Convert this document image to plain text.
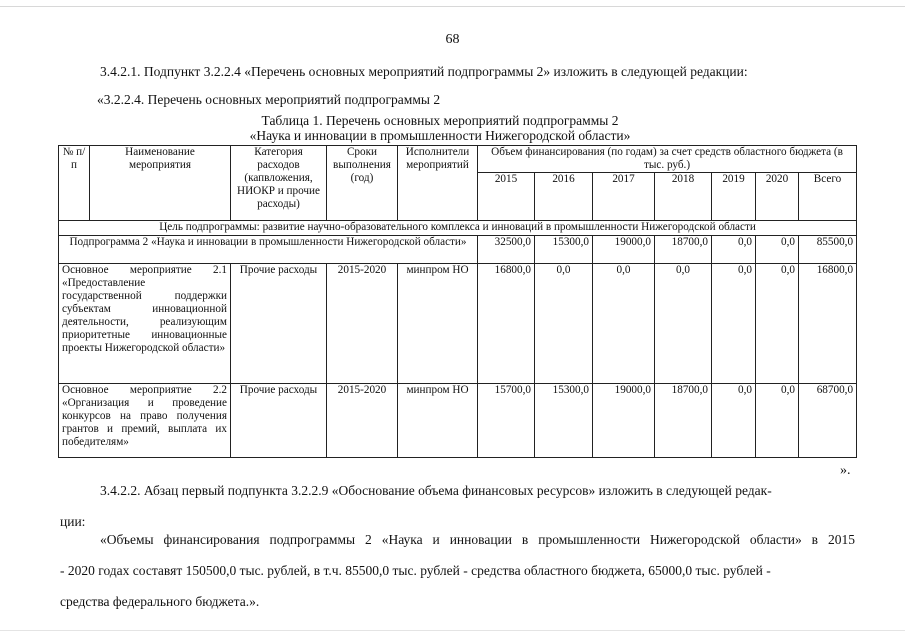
68
3.4.2.1. Подпункт 3.2.2.4 «Перечень основных мероприятий подпрограммы 2» изложить в следующей редакции:
«3.2.2.4. Перечень основных мероприятий подпрограммы 2
Таблица 1. Перечень основных мероприятий подпрограммы 2
«Наука и инновации в промышленности Нижегородской области»
№ п/п	Наименование мероприятия	Категория расходов (капвложения, НИОКР и прочие расходы)	Сроки выполнения (год)	Исполнители мероприятий	Объем финансирования (по годам) за счет средств областного бюджета (в тыс. руб.)						
					2015	2016	2017	2018	2019	2020	Всего
Цель подпрограммы: развитие научно-образовательного комплекса и инноваций в промышленности Нижегородской области											
Подпрограмма 2 «Наука и инновации в промышленности Нижегородской области»					32500,0	15300,0	19000,0	18700,0	0,0	0,0	85500,0
Основное мероприятие 2.1 «Предоставление государственной поддержки субъектам инновационной деятельности, реализующим приоритетные инновационные проекты Нижегородской области»		Прочие расходы	2015-2020	минпром НО	16800,0	0,0	0,0	0,0	0,0	0,0	16800,0
Основное мероприятие 2.2 «Организация и проведение конкурсов на право получения грантов и премий, выплата их победителям»		Прочие расходы	2015-2020	минпром НО	15700,0	15300,0	19000,0	18700,0	0,0	0,0	68700,0
».
3.4.2.2. Абзац первый подпункта 3.2.2.9 «Обоснование объема финансовых ресурсов» изложить в следующей редак-
ции:
«Объемы финансирования подпрограммы 2 «Наука и инновации в промышленности Нижегородской области» в 2015
- 2020 годах составят 150500,0 тыс. рублей, в т.ч. 85500,0 тыс. рублей - средства областного бюджета, 65000,0 тыс. рублей -
средства федерального бюджета.».
